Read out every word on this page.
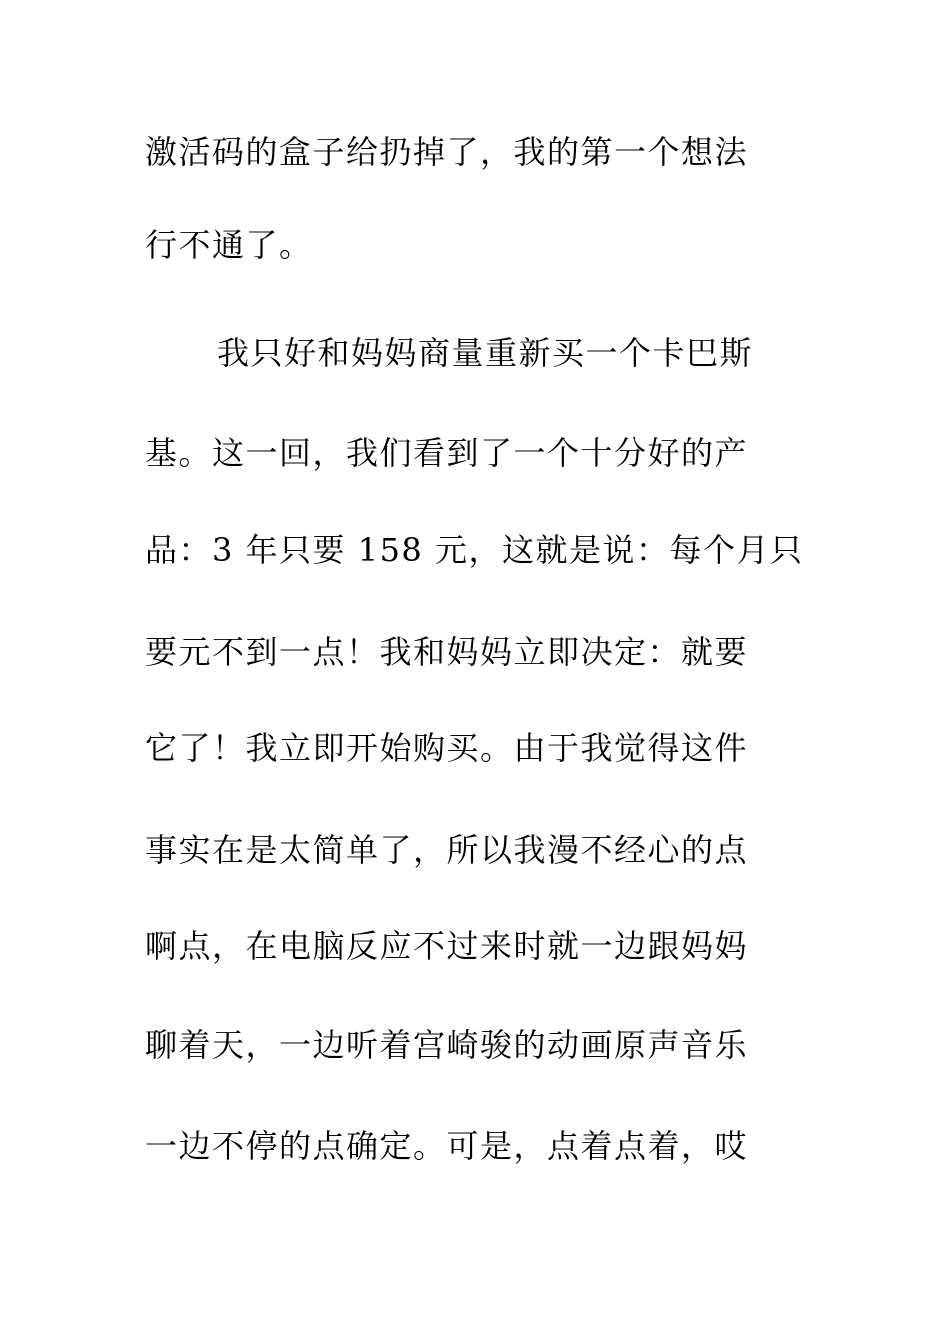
激活码的盒子给扔掉了，我的第一个想法
行不通了。
我只好和妈妈商量重新买一个卡巴斯
基。这一回，我们看到了一个十分好的产
品：3 年只要 158 元，这就是说：每个月只
要元不到一点！我和妈妈立即决定：就要
它了！我立即开始购买。由于我觉得这件
事实在是太简单了，所以我漫不经心的点
啊点，在电脑反应不过来时就一边跟妈妈
聊着天，一边听着宫崎骏的动画原声音乐
一边不停的点确定。可是，点着点着，哎
